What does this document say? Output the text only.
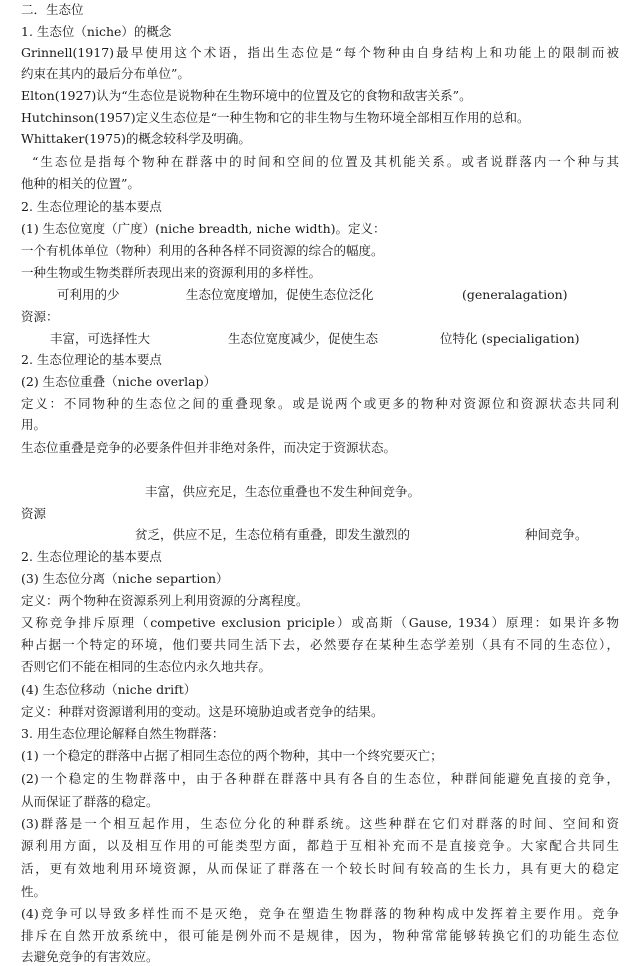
二．生态位
1. 生态位（niche）的概念
Grinnell(1917)最早使用这个术语，指出生态位是“每个物种由自身结构上和功能上的限制而被
约束在其内的最后分布单位”。
Elton(1927)认为“生态位是说物种在生物环境中的位置及它的食物和敌害关系”。
Hutchinson(1957)定义生态位是“一种生物和它的非生物与生物环境全部相互作用的总和。
Whittaker(1975)的概念较科学及明确。
“生态位是指每个物种在群落中的时间和空间的位置及其机能关系。或者说群落内一个种与其
他种的相关的位置”。
2. 生态位理论的基本要点
(1) 生态位宽度（广度）(niche breadth, niche width)。定义：
一个有机体单位（物种）利用的各种各样不同资源的综合的幅度。
一种生物或生物类群所表现出来的资源利用的多样性。
可利用的少	生态位宽度增加，促使生态位泛化	(generalagation)
资源：
丰富，可选择性大	生态位宽度减少，促使生态	位特化 (specialigation)
2. 生态位理论的基本要点
(2) 生态位重叠（niche overlap）
定义：不同物种的生态位之间的重叠现象。或是说两个或更多的物种对资源位和资源状态共同利
用。
生态位重叠是竞争的必要条件但并非绝对条件，而决定于资源状态。
丰富，供应充足，生态位重叠也不发生种间竞争。
资源
贫乏，供应不足，生态位稍有重叠，即发生激烈的	种间竞争。
2. 生态位理论的基本要点
(3) 生态位分离（niche separtion）
定义：两个物种在资源系列上利用资源的分离程度。
又称竞争排斥原理（competive exclusion priciple）或高斯（Gause, 1934）原理：如果许多物
种占据一个特定的环境，他们要共同生活下去，必然要存在某种生态学差别（具有不同的生态位），
否则它们不能在相同的生态位内永久地共存。
(4) 生态位移动（niche drift）
定义：种群对资源谱利用的变动。这是环境胁迫或者竞争的结果。
3. 用生态位理论解释自然生物群落：
(1) 一个稳定的群落中占据了相同生态位的两个物种，其中一个终究要灭亡；
(2)一个稳定的生物群落中，由于各种群在群落中具有各自的生态位，种群间能避免直接的竞争，
从而保证了群落的稳定。
(3)群落是一个相互起作用，生态位分化的种群系统。这些种群在它们对群落的时间、空间和资
源利用方面，以及相互作用的可能类型方面，都趋于互相补充而不是直接竞争。大家配合共同生
活，更有效地利用环境资源，从而保证了群落在一个较长时间有较高的生长力，具有更大的稳定
性。
(4)竞争可以导致多样性而不是灭绝，竞争在塑造生物群落的物种构成中发挥着主要作用。竞争
排斥在自然开放系统中，很可能是例外而不是规律，因为，物种常常能够转换它们的功能生态位
去避免竞争的有害效应。
